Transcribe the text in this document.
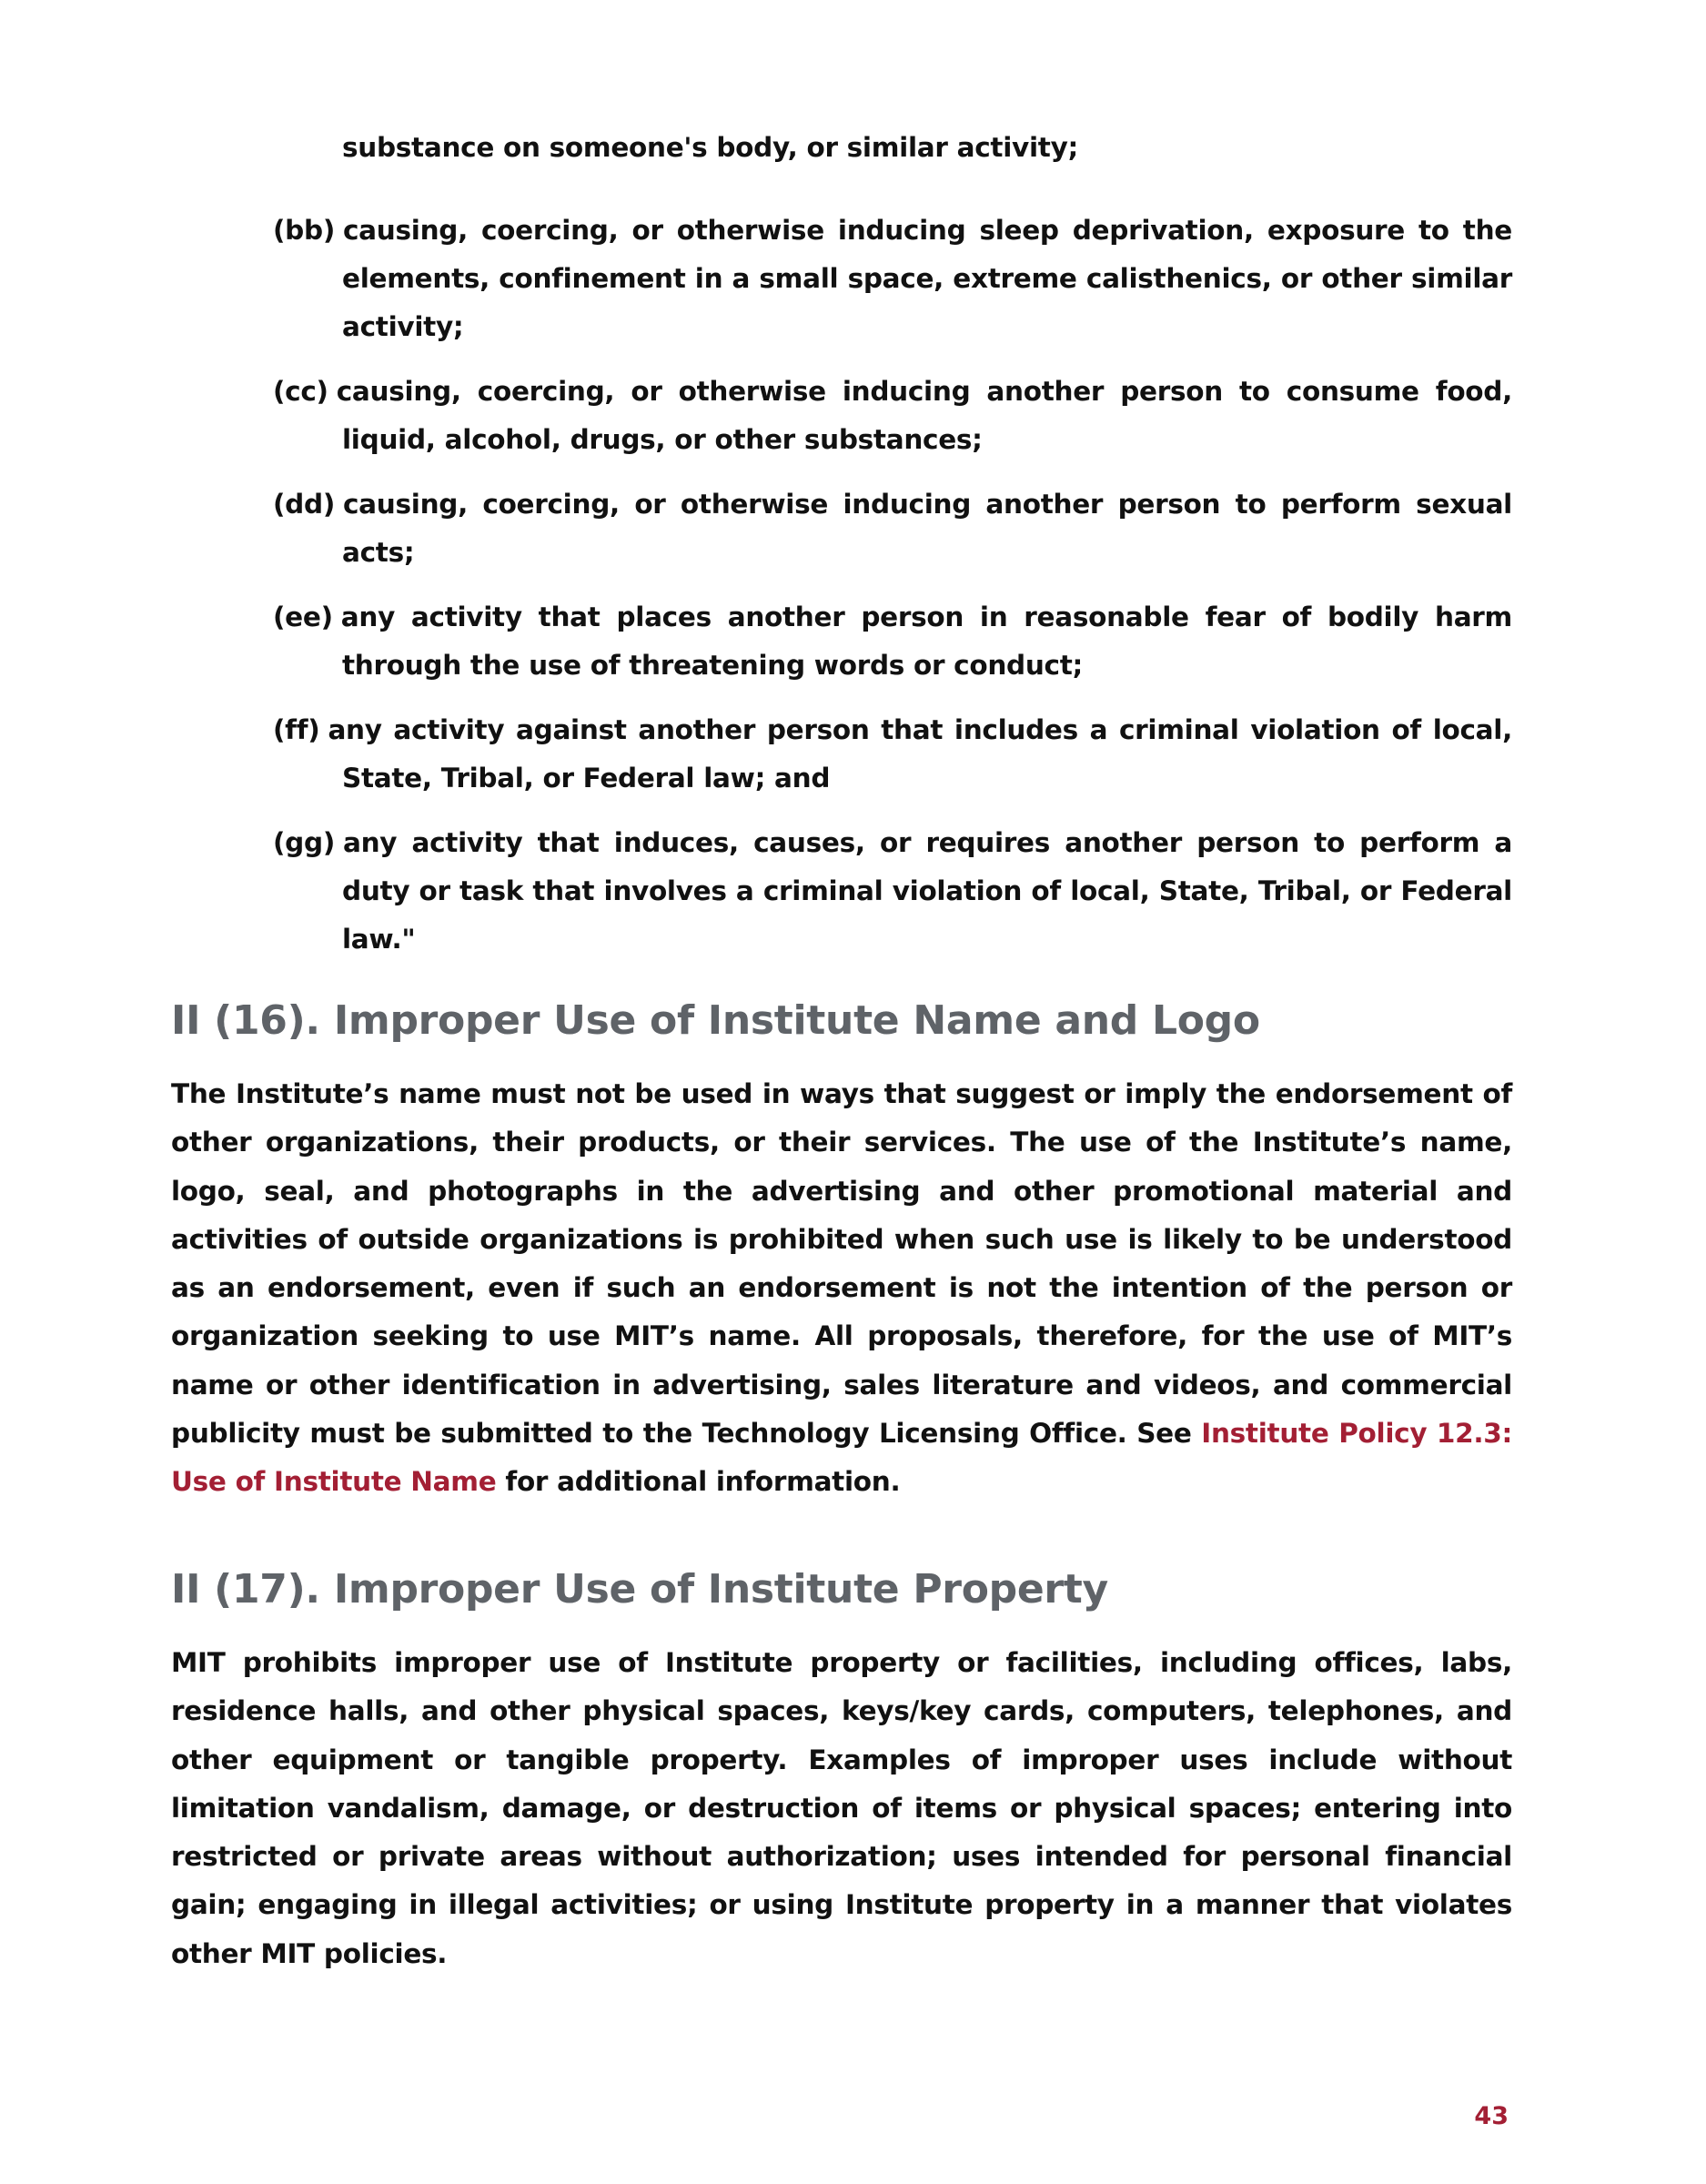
substance on someone's body, or similar activity;
(bb) causing, coercing, or otherwise inducing sleep deprivation, exposure to the elements, confinement in a small space, extreme calisthenics, or other similar activity;
(cc) causing, coercing, or otherwise inducing another person to consume food, liquid, alcohol, drugs, or other substances;
(dd) causing, coercing, or otherwise inducing another person to perform sexual acts;
(ee) any activity that places another person in reasonable fear of bodily harm through the use of threatening words or conduct;
(ff) any activity against another person that includes a criminal violation of local, State, Tribal, or Federal law; and
(gg) any activity that induces, causes, or requires another person to perform a duty or task that involves a criminal violation of local, State, Tribal, or Federal law."
II (16). Improper Use of Institute Name and Logo

The Institute’s name must not be used in ways that suggest or imply the endorsement of other organizations, their products, or their services. The use of the Institute’s name, logo, seal, and photographs in the advertising and other promotional material and activities of outside organizations is prohibited when such use is likely to be understood as an endorsement, even if such an endorsement is not the intention of the person or organization seeking to use MIT’s name. All proposals, therefore, for the use of MIT’s name or other identification in advertising, sales literature and videos, and commercial publicity must be submitted to the Technology Licensing Office. See Institute Policy 12.3: Use of Institute Name for additional information.

II (17). Improper Use of Institute Property

MIT prohibits improper use of Institute property or facilities, including offices, labs, residence halls, and other physical spaces, keys/key cards, computers, telephones, and other equipment or tangible property. Examples of improper uses include without limitation vandalism, damage, or destruction of items or physical spaces; entering into restricted or private areas without authorization; uses intended for personal financial gain; engaging in illegal activities; or using Institute property in a manner that violates other MIT policies.

43
